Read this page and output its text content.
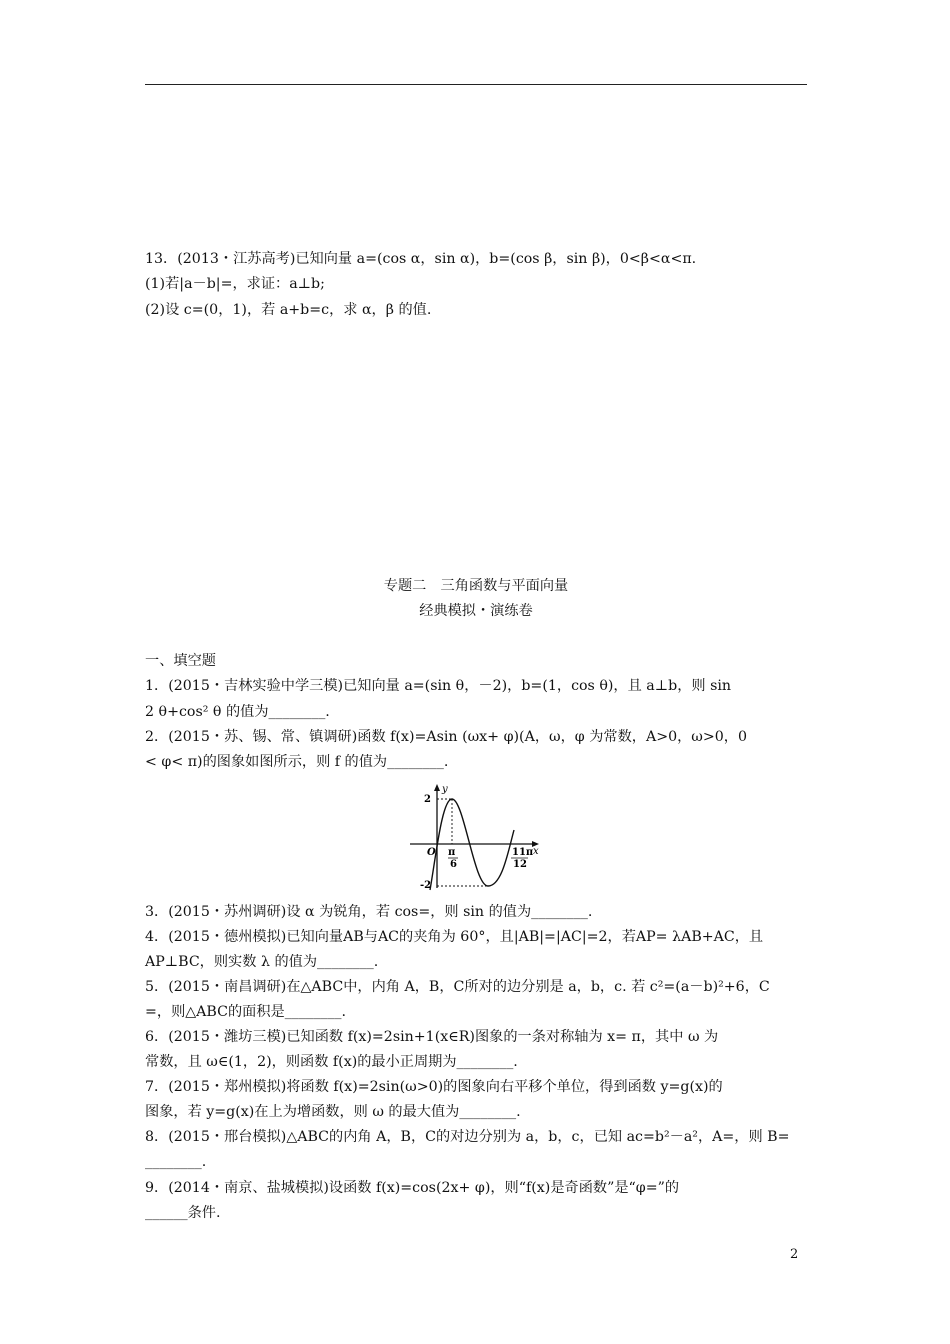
13．(2013・江苏高考)已知向量 a=(cos α，sin α)，b=(cos β，sin β)，0<β<α<π.
(1)若|a－b|=，求证：a⊥b;
(2)设 c=(0，1)，若 a+b=c，求 α，β 的值.
专题二　三角函数与平面向量
经典模拟・演练卷
一、填空题
1．(2015・吉林实验中学三模)已知向量 a=(sin θ，－2)，b=(1，cos θ)，且 a⊥b，则 sin
2 θ+cos² θ 的值为________.
2．(2015・苏、锡、常、镇调研)函数 f(x)=Asin (ωx+ φ)(A，ω，φ 为常数，A>0，ω>0，0
< φ< π)的图象如图所示，则 f 的值为________.
y
x
2
-2
O π
6
11π
12
3．(2015・苏州调研)设 α 为锐角，若 cos=，则 sin 的值为________.
4．(2015・德州模拟)已知向量AB与AC的夹角为 60°，且|AB|=|AC|=2，若AP= λAB+AC，且
AP⊥BC，则实数 λ 的值为________.
5．(2015・南昌调研)在△ABC中，内角 A，B，C所对的边分别是 a，b，c. 若 c²=(a－b)²+6，C
=，则△ABC的面积是________.
6．(2015・潍坊三模)已知函数 f(x)=2sin+1(x∈R)图象的一条对称轴为 x= π，其中 ω 为
常数，且 ω∈(1，2)，则函数 f(x)的最小正周期为________.
7．(2015・郑州模拟)将函数 f(x)=2sin(ω>0)的图象向右平移个单位，得到函数 y=g(x)的
图象，若 y=g(x)在上为增函数，则 ω 的最大值为________.
8．(2015・邢台模拟)△ABC的内角 A，B，C的对边分别为 a，b，c，已知 ac=b²－a²，A=，则 B=
________.
9．(2014・南京、盐城模拟)设函数 f(x)=cos(2x+ φ)，则“f(x)是奇函数”是“φ=”的
______条件.
2
